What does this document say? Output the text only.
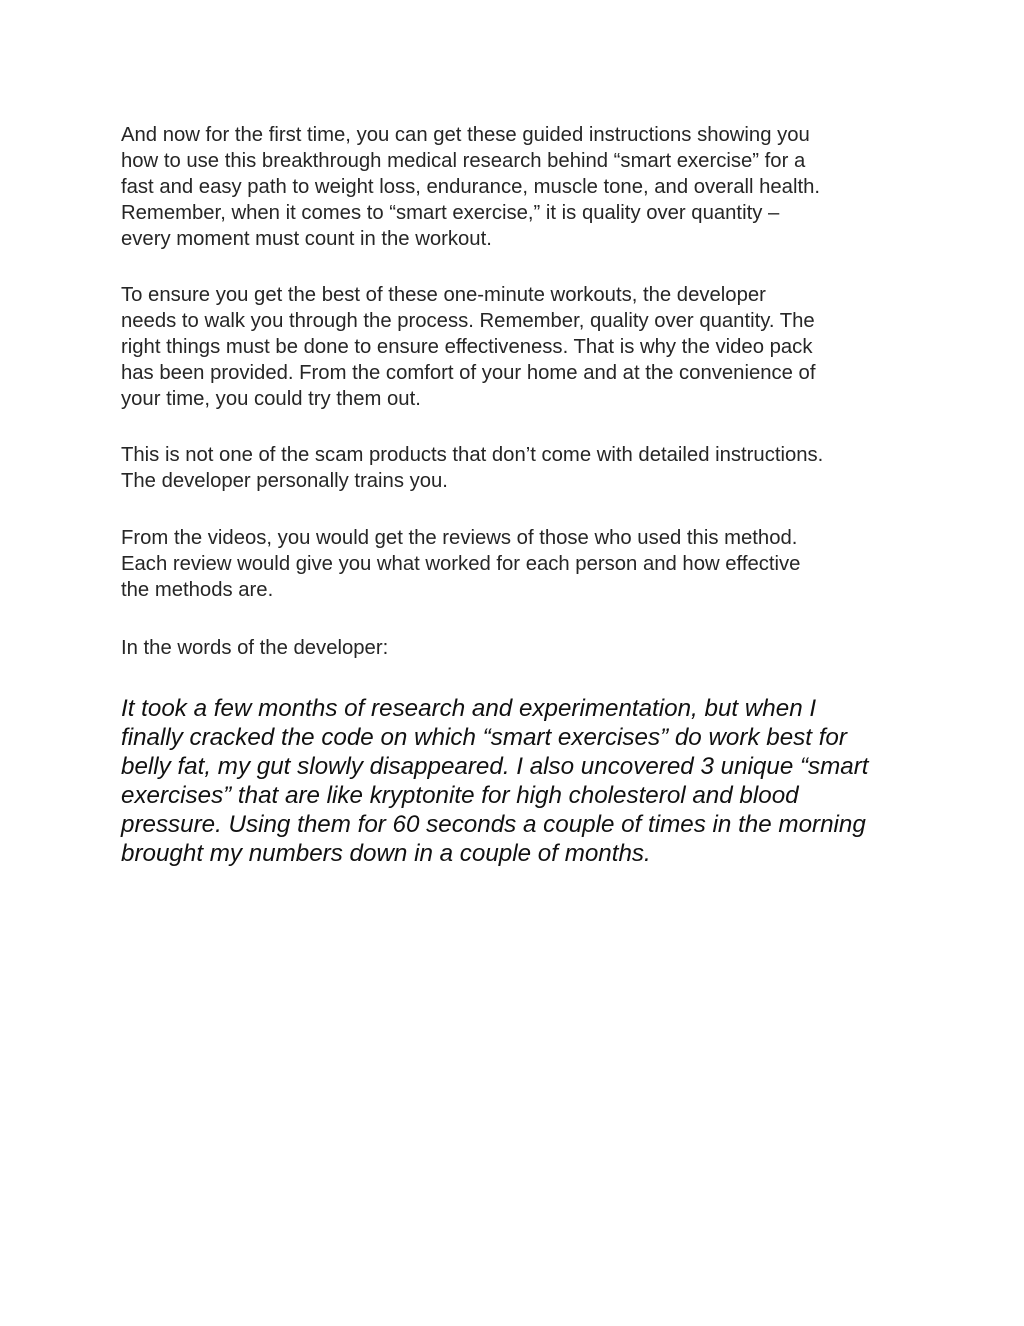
And now for the first time, you can get these guided instructions showing you
how to use this breakthrough medical research behind “smart exercise” for a
fast and easy path to weight loss, endurance, muscle tone, and overall health.
Remember, when it comes to “smart exercise,” it is quality over quantity –
every moment must count in the workout.

To ensure you get the best of these one-minute workouts, the developer
needs to walk you through the process. Remember, quality over quantity. The
right things must be done to ensure effectiveness. That is why the video pack
has been provided. From the comfort of your home and at the convenience of
your time, you could try them out.

This is not one of the scam products that don’t come with detailed instructions.
The developer personally trains you.

From the videos, you would get the reviews of those who used this method.
Each review would give you what worked for each person and how effective
the methods are.

In the words of the developer:

It took a few months of research and experimentation, but when I
finally cracked the code on which “smart exercises” do work best for
belly fat, my gut slowly disappeared. I also uncovered 3 unique “smart
exercises” that are like kryptonite for high cholesterol and blood
pressure. Using them for 60 seconds a couple of times in the morning
brought my numbers down in a couple of months.
